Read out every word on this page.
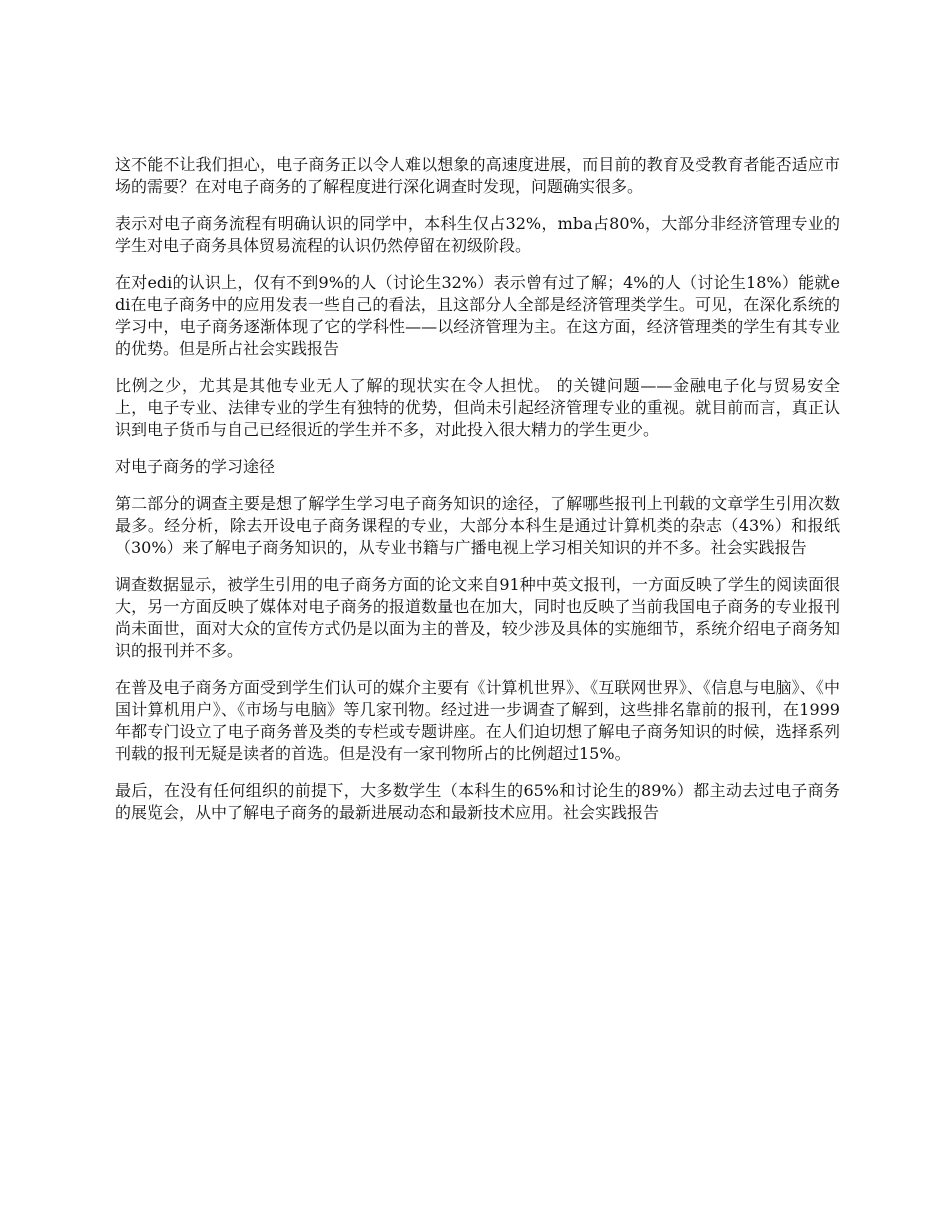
这不能不让我们担心，电子商务正以令人难以想象的高速度进展，而目前的教育及受教育者能否适应市场的需要？在对电子商务的了解程度进行深化调查时发现，问题确实很多。

表示对电子商务流程有明确认识的同学中，本科生仅占32%，mba占80%，大部分非经济管理专业的学生对电子商务具体贸易流程的认识仍然停留在初级阶段。

在对edi的认识上，仅有不到9%的人（讨论生32%）表示曾有过了解；4%的人（讨论生18%）能就edi在电子商务中的应用发表一些自己的看法，且这部分人全部是经济管理类学生。可见，在深化系统的学习中，电子商务逐渐体现了它的学科性——以经济管理为主。在这方面，经济管理类的学生有其专业的优势。但是所占社会实践报告

比例之少，尤其是其他专业无人了解的现状实在令人担忧。 的关键问题——金融电子化与贸易安全上，电子专业、法律专业的学生有独特的优势，但尚未引起经济管理专业的重视。就目前而言，真正认识到电子货币与自己已经很近的学生并不多，对此投入很大精力的学生更少。

对电子商务的学习途径

第二部分的调查主要是想了解学生学习电子商务知识的途径，了解哪些报刊上刊载的文章学生引用次数最多。经分析，除去开设电子商务课程的专业，大部分本科生是通过计算机类的杂志（43%）和报纸（30%）来了解电子商务知识的，从专业书籍与广播电视上学习相关知识的并不多。社会实践报告

调查数据显示，被学生引用的电子商务方面的论文来自91种中英文报刊，一方面反映了学生的阅读面很大，另一方面反映了媒体对电子商务的报道数量也在加大，同时也反映了当前我国电子商务的专业报刊尚未面世，面对大众的宣传方式仍是以面为主的普及，较少涉及具体的实施细节，系统介绍电子商务知识的报刊并不多。

在普及电子商务方面受到学生们认可的媒介主要有《计算机世界》、《互联网世界》、《信息与电脑》、《中国计算机用户》、《市场与电脑》等几家刊物。经过进一步调查了解到，这些排名靠前的报刊，在1999年都专门设立了电子商务普及类的专栏或专题讲座。在人们迫切想了解电子商务知识的时候，选择系列刊载的报刊无疑是读者的首选。但是没有一家刊物所占的比例超过15%。

最后，在没有任何组织的前提下，大多数学生（本科生的65%和讨论生的89%）都主动去过电子商务的展览会，从中了解电子商务的最新进展动态和最新技术应用。社会实践报告
